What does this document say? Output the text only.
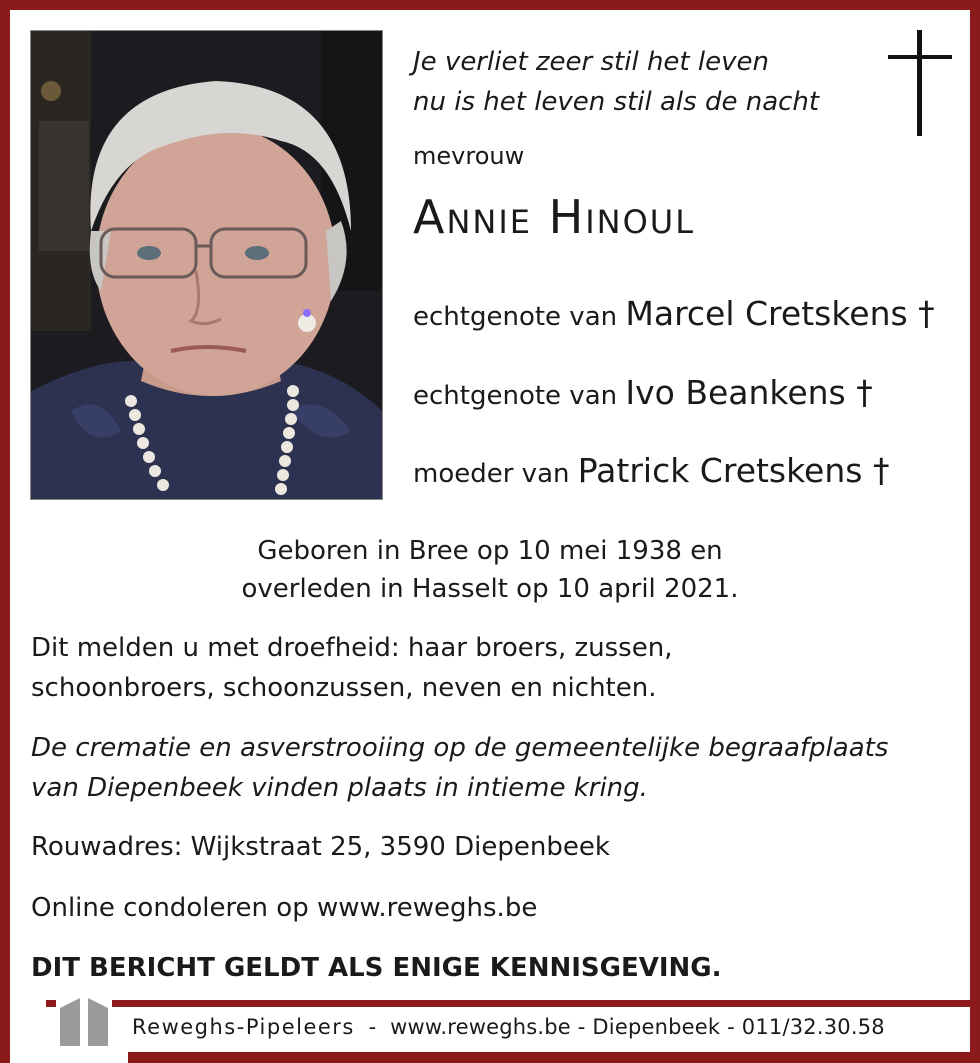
Je verliet zeer stil het leven
nu is het leven stil als de nacht

mevrouw

Annie Hinoul

echtgenote van Marcel Cretskens †

echtgenote van Ivo Beankens †

moeder van Patrick Cretskens †

Geboren in Bree op 10 mei 1938 en
overleden in Hasselt op 10 april 2021.

Dit melden u met droefheid: haar broers, zussen,
schoonbroers, schoonzussen, neven en nichten.

De crematie en asverstrooiing op de gemeentelijke begraafplaats
van Diepenbeek vinden plaats in intieme kring.

Rouwadres: Wijkstraat 25, 3590 Diepenbeek

Online condoleren op www.reweghs.be

DIT BERICHT GELDT ALS ENIGE KENNISGEVING.

Reweghs-Pipeleers  -  www.reweghs.be - Diepenbeek - 011/32.30.58
